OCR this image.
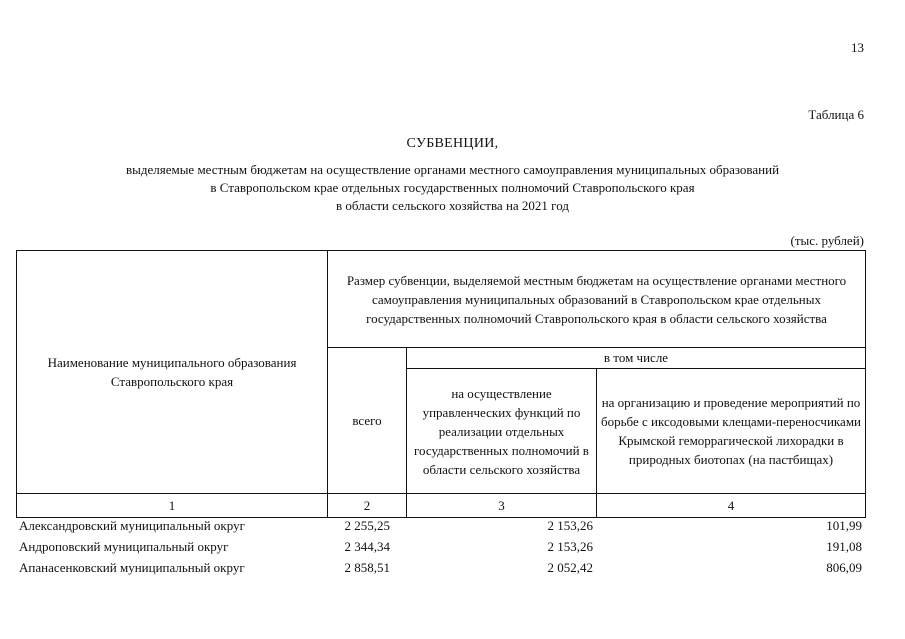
13
Таблица 6
СУБВЕНЦИИ,
выделяемые местным бюджетам на осуществление органами местного самоуправления муниципальных образований
в Ставропольском крае отдельных государственных полномочий Ставропольского края
в области сельского хозяйства на 2021 год
(тыс. рублей)
Наименование муниципального образования Ставропольского края	Размер субвенции, выделяемой местным бюджетам на осуществление органами местного самоуправления муниципальных образований в Ставропольском крае отдельных государственных полномочий Ставропольского края в области сельского хозяйства		
	всего	в том числе	
		на осуществление управленческих функций по реализации отдельных государственных полномочий в области сельского хозяйства	на организацию и проведение мероприятий по борьбе с иксодовыми клещами-переносчиками Крымской геморрагической лихорадки в природных биотопах (на пастбищах)
1	2	3	4
Александровский муниципальный округ	2 255,25	2 153,26	101,99
Андроповский муниципальный округ	2 344,34	2 153,26	191,08
Апанасенковский муниципальный округ	2 858,51	2 052,42	806,09
